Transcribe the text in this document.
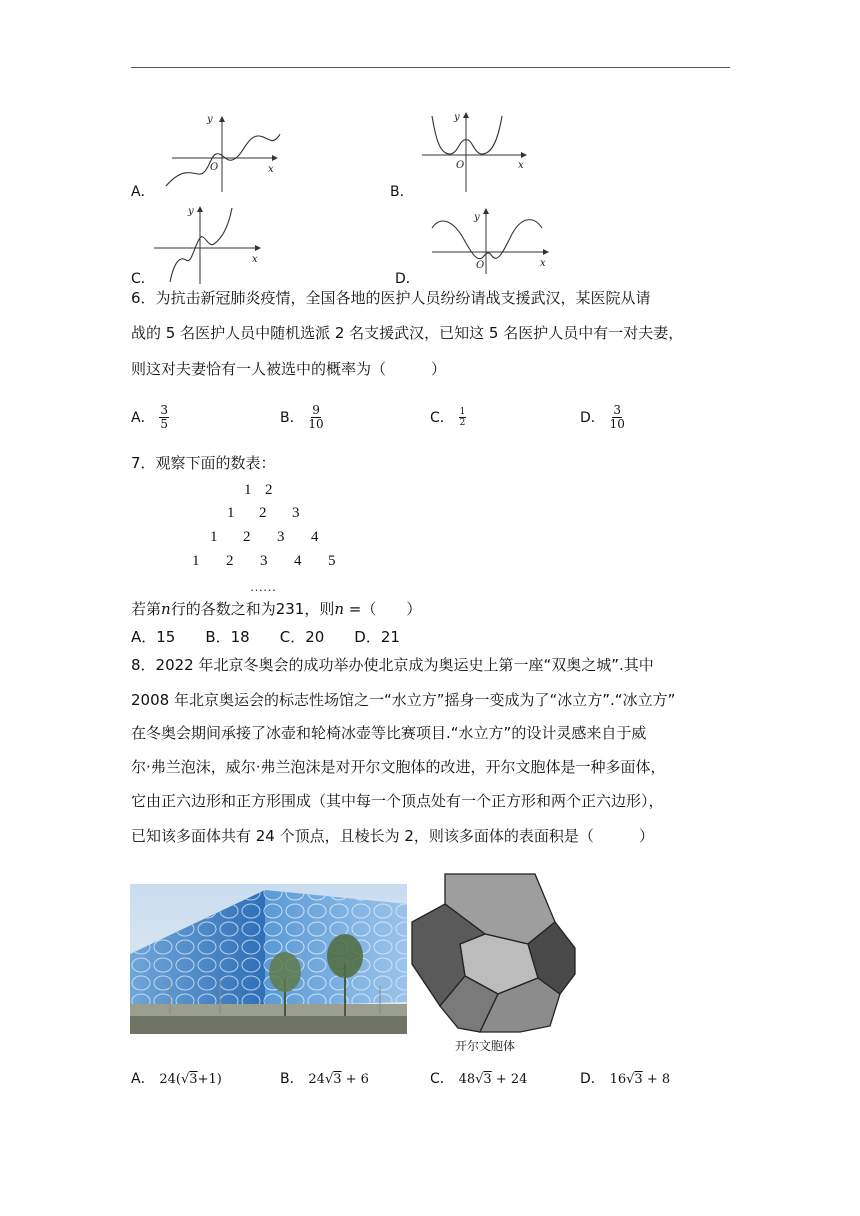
y
x
O
A．
y
x
O
B．
y
x
C．
y
x
O
D．
6．为抗击新冠肺炎疫情，全国各地的医护人员纷纷请战支援武汉，某医院从请
战的 5 名医护人员中随机选派 2 名支援武汉，已知这 5 名医护人员中有一对夫妻，
则这对夫妻恰有一人被选中的概率为（　　　）
A． $\frac{3}{5}$	B． $\frac{9}{10}$	C． $\frac{1}{2}$	D． $\frac{3}{10}$
7．观察下面的数表：
1 2
1 2 3
1 2 3 4
1 2 3 4 5
……
若第n行的各数之和为231，则n =（　　）
A．15　　B．18　　C．20　　D．21
8．2022 年北京冬奥会的成功举办使北京成为奥运史上第一座“双奥之城”.其中
2008 年北京奥运会的标志性场馆之一“水立方”摇身一变成为了“冰立方”.“冰立方”
在冬奥会期间承接了冰壶和轮椅冰壶等比赛项目.“水立方”的设计灵感来自于威
尔·弗兰泡沫，威尔·弗兰泡沫是对开尔文胞体的改进，开尔文胞体是一种多面体，
它由正六边形和正方形围成（其中每一个顶点处有一个正方形和两个正六边形），
已知该多面体共有 24 个顶点，且棱长为 2，则该多面体的表面积是（　　　）
开尔文胞体
A． 24(√3+1)	B． 24√3 + 6	C． 48√3 + 24	D． 16√3 + 8
